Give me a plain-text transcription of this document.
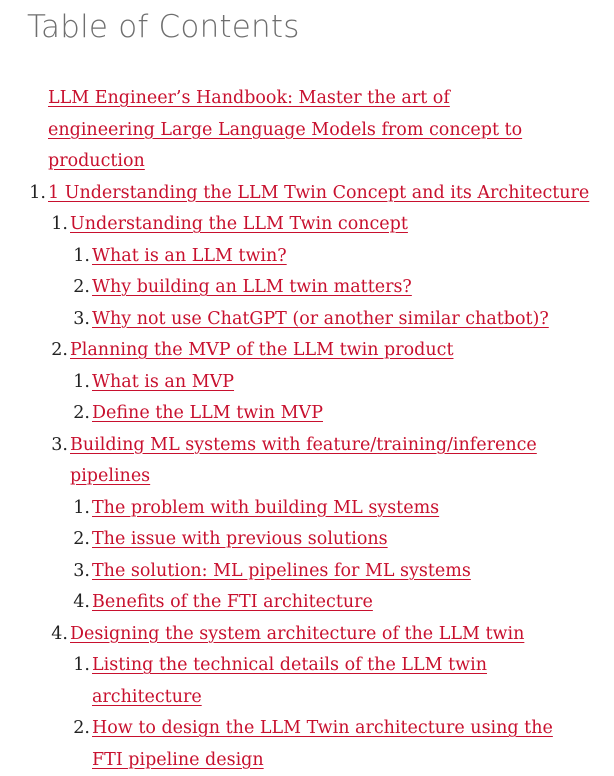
Table of Contents
LLM Engineer’s Handbook: Master the art of engineering Large Language Models from concept to production
1. 1 Understanding the LLM Twin Concept and its Architecture
1. Understanding the LLM Twin concept
1. What is an LLM twin?
2. Why building an LLM twin matters?
3. Why not use ChatGPT (or another similar chatbot)?
2. Planning the MVP of the LLM twin product
1. What is an MVP
2. Define the LLM twin MVP
3. Building ML systems with feature/training/inference pipelines
1. The problem with building ML systems
2. The issue with previous solutions
3. The solution: ML pipelines for ML systems
4. Benefits of the FTI architecture
4. Designing the system architecture of the LLM twin
1. Listing the technical details of the LLM twin architecture
2. How to design the LLM Twin architecture using the FTI pipeline design
